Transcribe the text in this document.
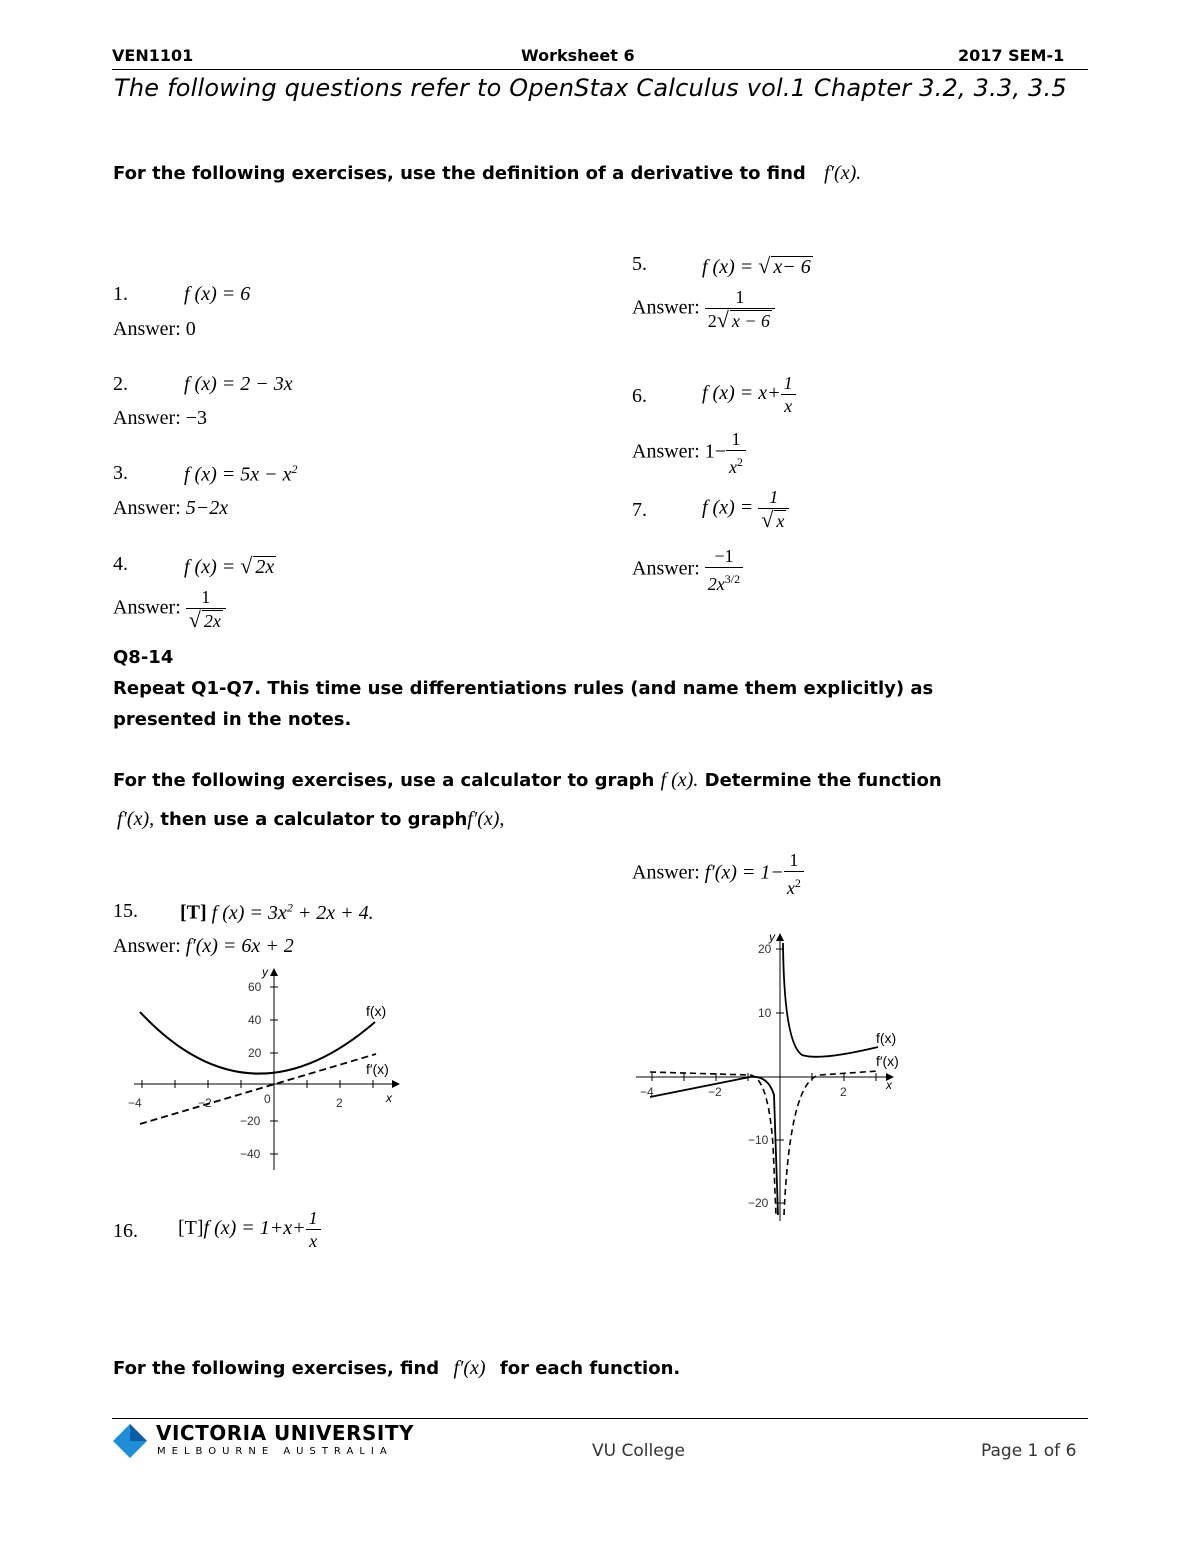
VEN1101	Worksheet 6	2017 SEM-1
The following questions refer to OpenStax Calculus vol.1 Chapter 3.2, 3.3, 3.5
For the following exercises, use the definition of a derivative to find f′(x).
1.	f (x) = 6
Answer: 0
2.	f (x) = 2 − 3x
Answer: −3
3.	f $(x) = 5x - x^2$
Answer: 5−2x
4.	f (x) = √ 2x
Answer: $\frac{1}{√ 2x}$
5.	f (x) = √ x− 6
Answer: $\frac{1}{2√ x - 6}$
6.	f $(x) = x+ \frac{1}{x}$
Answer: $1- \frac{1}{x^2}$
7.	f $(x) = \frac{1}{√ x}$
Answer: $\frac{-1}{2x^{3/2}}$
Q8-14
Repeat Q1-Q7. This time use differentiations rules (and name them explicitly) as
presented in the notes.
For the following exercises, use a calculator to graph f (x). Determine the function
f′(x), then use a calculator to graphf′(x),
Answer: $f'(x) = 1- \frac{1}{x^2}$
15. [T] f $(x) = 3x^2 + 2x + 4$.
Answer: f′(x) = 6x + 2
y
x
60
40
20
−20
−40
−4	−2	0	2
f(x)
f′(x)
y
x
20
10
−10
−20
−4	−2	2
f(x)
f′(x)
16. [T]f $(x) = 1+x+ \frac{1}{x}$
For the following exercises, find f′(x) for each function.
VICTORIA UNIVERSITY
MELBOURNE AUSTRALIA	VU College	Page 1 of 6
